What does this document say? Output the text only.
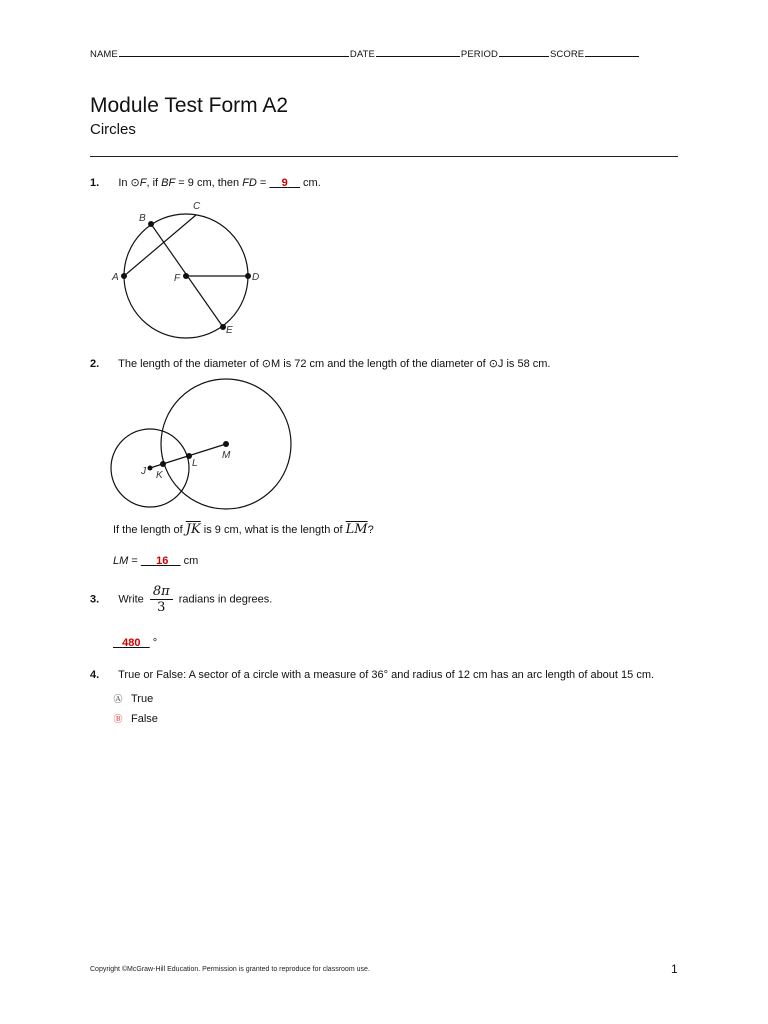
NAME	DATE	PERIOD	SCORE
Module Test Form A2
Circles
1. In ⊙F, if BF = 9 cm, then FD =     9     cm.
B
C
A	F	D
E
2. The length of the diameter of ⊙M is 72 cm and the length of the diameter of ⊙J is 58 cm.
J K
L
M
If the length of $\overline{JK}$ is 9 cm, what is the length of $\overline{LM}$?
LM =      16     cm
3. Write $\frac{8\pi}{3}$ radians in degrees.
480 °
4. True or False: A sector of a circle with a measure of 36° and radius of 12 cm has an arc length of about 15 cm.
Ⓐ True
Ⓑ False
Copyright ©McGraw-Hill Education. Permission is granted to reproduce for classroom use.	1
